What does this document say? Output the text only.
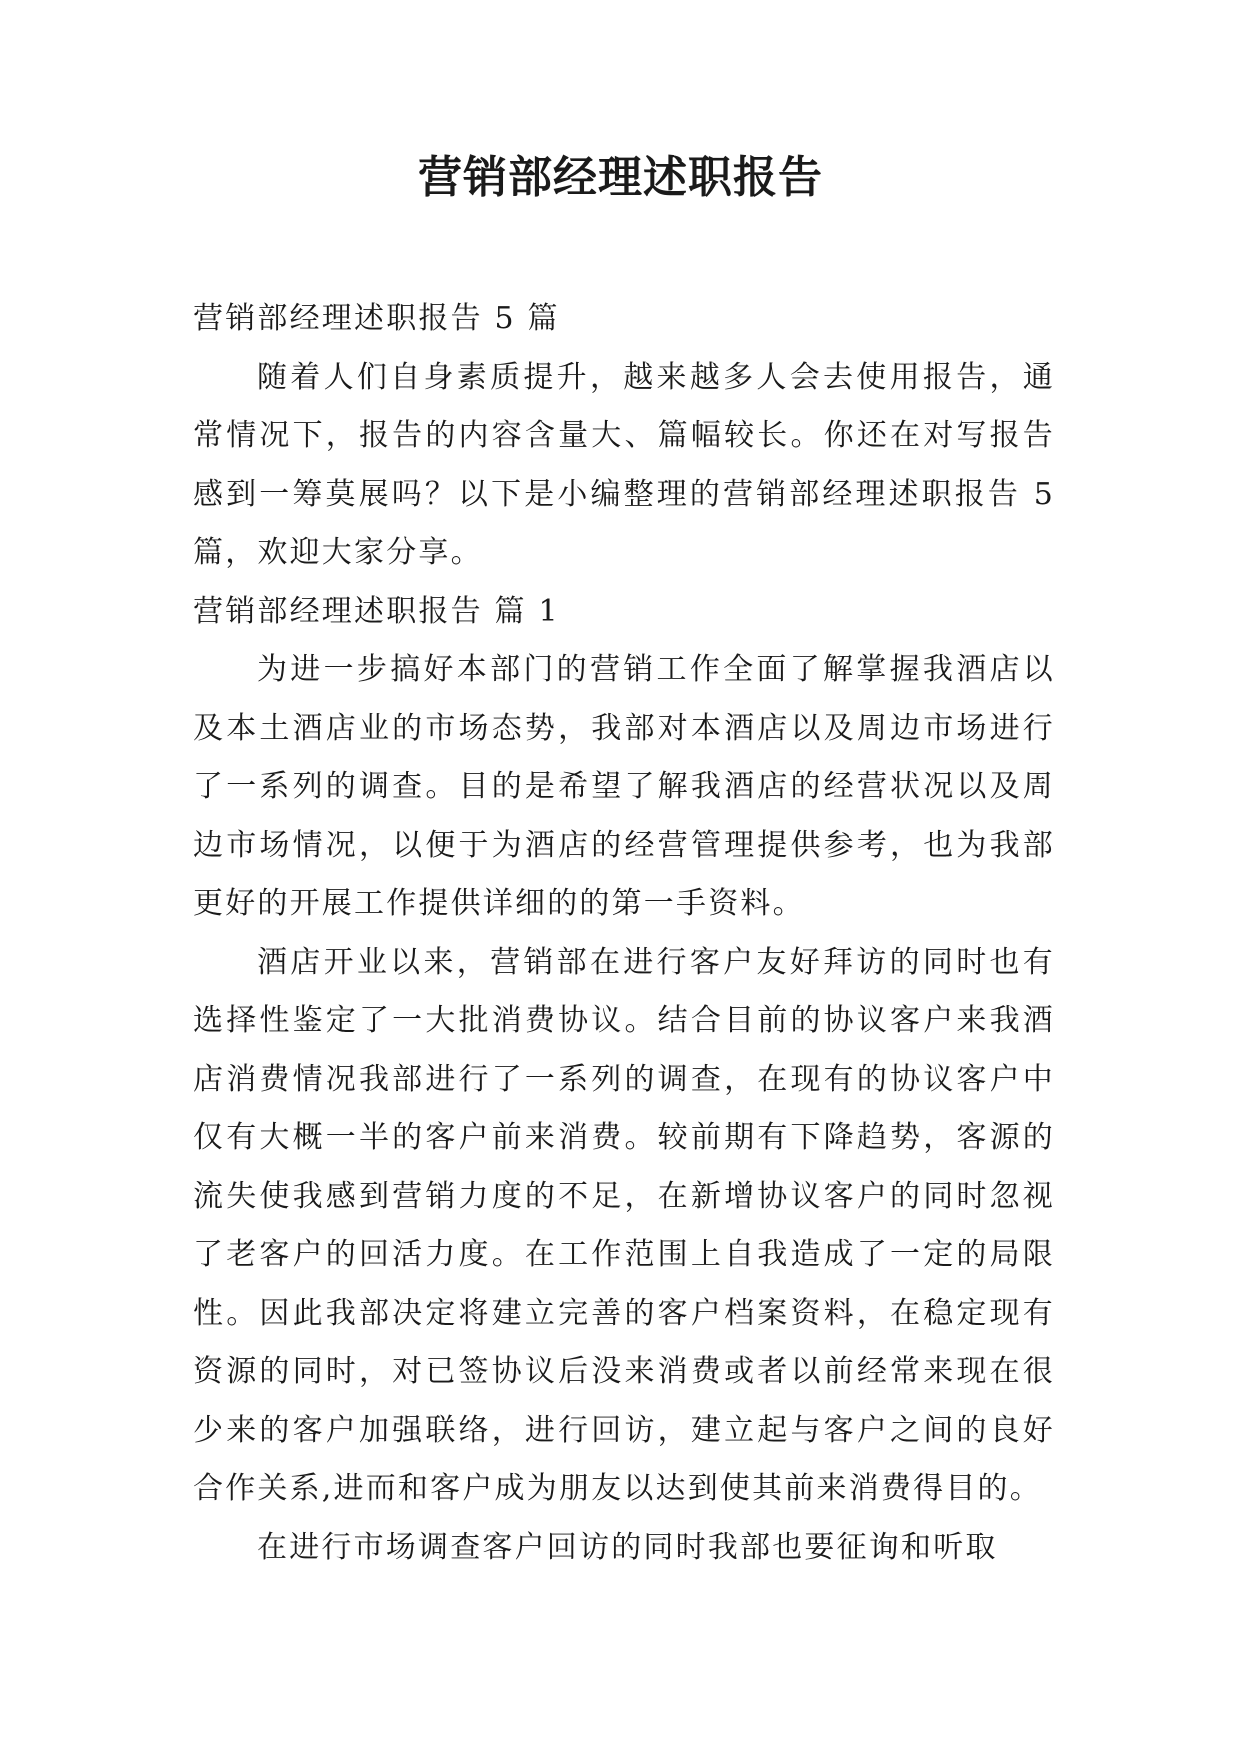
营销部经理述职报告

营销部经理述职报告 5 篇

随着人们自身素质提升，越来越多人会去使用报告，通常情况下，报告的内容含量大、篇幅较长。你还在对写报告感到一筹莫展吗？以下是小编整理的营销部经理述职报告 5 篇，欢迎大家分享。

营销部经理述职报告 篇 1

为进一步搞好本部门的营销工作全面了解掌握我酒店以及本土酒店业的市场态势，我部对本酒店以及周边市场进行了一系列的调查。目的是希望了解我酒店的经营状况以及周边市场情况，以便于为酒店的经营管理提供参考，也为我部更好的开展工作提供详细的的第一手资料。

酒店开业以来，营销部在进行客户友好拜访的同时也有选择性鉴定了一大批消费协议。结合目前的协议客户来我酒店消费情况我部进行了一系列的调查，在现有的协议客户中仅有大概一半的客户前来消费。较前期有下降趋势，客源的流失使我感到营销力度的不足，在新增协议客户的同时忽视了老客户的回活力度。在工作范围上自我造成了一定的局限性。因此我部决定将建立完善的客户档案资料，在稳定现有资源的同时，对已签协议后没来消费或者以前经常来现在很少来的客户加强联络，进行回访，建立起与客户之间的良好合作关系,进而和客户成为朋友以达到使其前来消费得目的。

在进行市场调查客户回访的同时我部也要征询和听取
